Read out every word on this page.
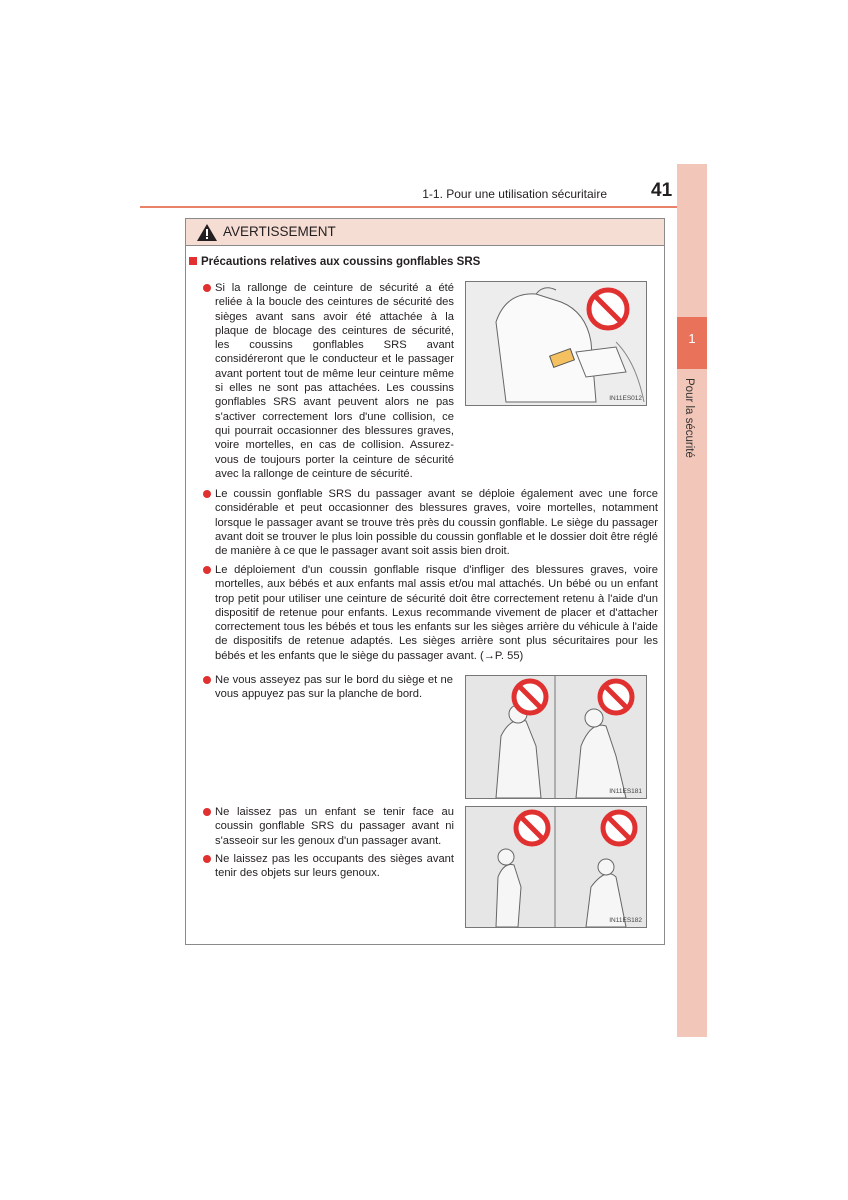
1
Pour la sécurité
1-1. Pour une utilisation sécuritaire 41
AVERTISSEMENT
Précautions relatives aux coussins gonflables SRS
Si la rallonge de ceinture de sécurité a été reliée à la boucle des ceintures de sécurité des sièges avant sans avoir été attachée à la plaque de blocage des ceintures de sécurité, les coussins gonflables SRS avant considéreront que le conducteur et le passager avant portent tout de même leur ceinture même si elles ne sont pas attachées. Les coussins gonflables SRS avant peuvent alors ne pas s'activer correctement lors d'une collision, ce qui pourrait occasionner des blessures graves, voire mortelles, en cas de collision. Assurez-vous de toujours porter la ceinture de sécurité avec la rallonge de ceinture de sécurité.
IN11ES012
Le coussin gonflable SRS du passager avant se déploie également avec une force considérable et peut occasionner des blessures graves, voire mortelles, notamment lorsque le passager avant se trouve très près du coussin gonflable. Le siège du passager avant doit se trouver le plus loin possible du coussin gonflable et le dossier doit être réglé de manière à ce que le passager avant soit assis bien droit.
Le déploiement d'un coussin gonflable risque d'infliger des blessures graves, voire mortelles, aux bébés et aux enfants mal assis et/ou mal attachés. Un bébé ou un enfant trop petit pour utiliser une ceinture de sécurité doit être correctement retenu à l'aide d'un dispositif de retenue pour enfants. Lexus recommande vivement de placer et d'attacher correctement tous les bébés et tous les enfants sur les sièges arrière du véhicule à l'aide de dispositifs de retenue adaptés. Les sièges arrière sont plus sécuritaires pour les bébés et les enfants que le siège du passager avant. (→P. 55)
Ne vous asseyez pas sur le bord du siège et ne vous appuyez pas sur la planche de bord.
IN11ES181
Ne laissez pas un enfant se tenir face au coussin gonflable SRS du passager avant ni s'asseoir sur les genoux d'un passager avant.
Ne laissez pas les occupants des sièges avant tenir des objets sur leurs genoux.
IN11ES182
